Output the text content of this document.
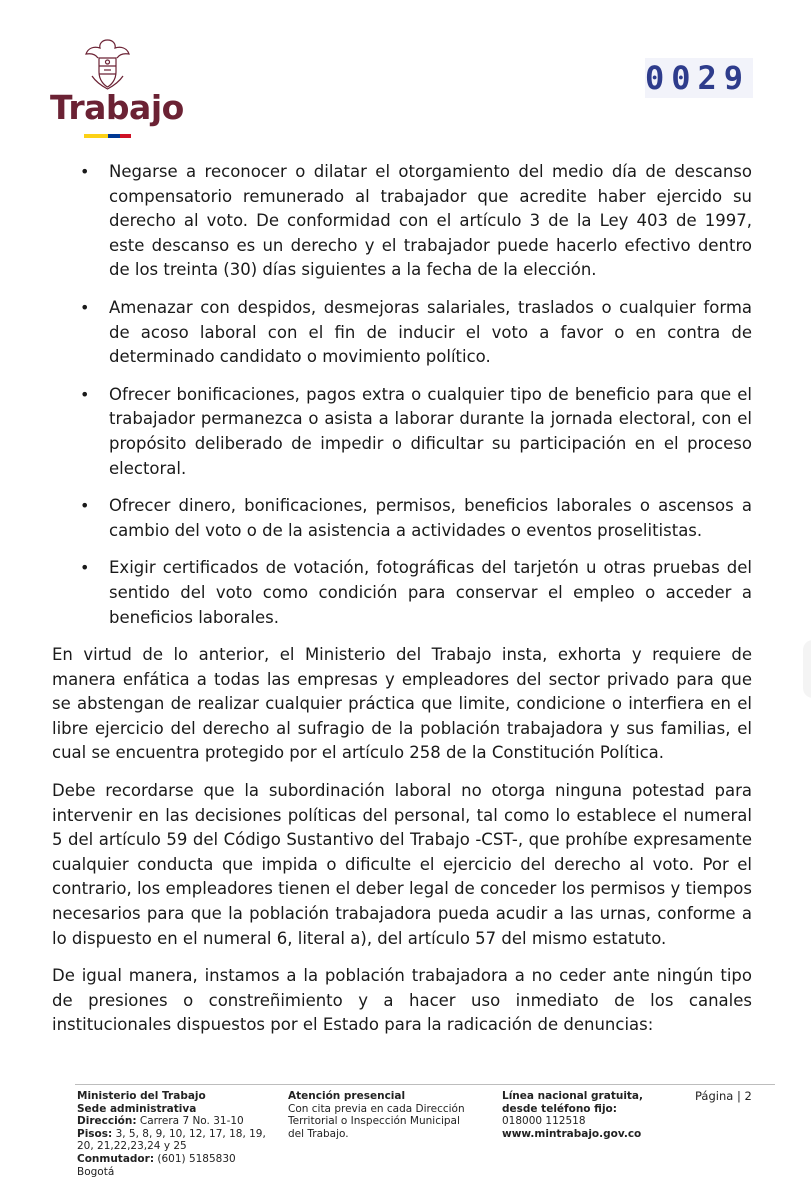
Trabajo
0029
• Negarse a reconocer o dilatar el otorgamiento del medio día de descanso compensatorio remunerado al trabajador que acredite haber ejercido su derecho al voto. De conformidad con el artículo 3 de la Ley 403 de 1997, este descanso es un derecho y el trabajador puede hacerlo efectivo dentro de los treinta (30) días siguientes a la fecha de la elección.
• Amenazar con despidos, desmejoras salariales, traslados o cualquier forma de acoso laboral con el fin de inducir el voto a favor o en contra de determinado candidato o movimiento político.
• Ofrecer bonificaciones, pagos extra o cualquier tipo de beneficio para que el trabajador permanezca o asista a laborar durante la jornada electoral, con el propósito deliberado de impedir o dificultar su participación en el proceso electoral.
• Ofrecer dinero, bonificaciones, permisos, beneficios laborales o ascensos a cambio del voto o de la asistencia a actividades o eventos proselitistas.
• Exigir certificados de votación, fotográficas del tarjetón u otras pruebas del sentido del voto como condición para conservar el empleo o acceder a beneficios laborales.

En virtud de lo anterior, el Ministerio del Trabajo insta, exhorta y requiere de manera enfática a todas las empresas y empleadores del sector privado para que se abstengan de realizar cualquier práctica que limite, condicione o interfiera en el libre ejercicio del derecho al sufragio de la población trabajadora y sus familias, el cual se encuentra protegido por el artículo 258 de la Constitución Política.

Debe recordarse que la subordinación laboral no otorga ninguna potestad para intervenir en las decisiones políticas del personal, tal como lo establece el numeral 5 del artículo 59 del Código Sustantivo del Trabajo -CST-, que prohíbe expresamente cualquier conducta que impida o dificulte el ejercicio del derecho al voto. Por el contrario, los empleadores tienen el deber legal de conceder los permisos y tiempos necesarios para que la población trabajadora pueda acudir a las urnas, conforme a lo dispuesto en el numeral 6, literal a), del artículo 57 del mismo estatuto.

De igual manera, instamos a la población trabajadora a no ceder ante ningún tipo de presiones o constreñimiento y a hacer uso inmediato de los canales institucionales dispuestos por el Estado para la radicación de denuncias:

Ministerio del Trabajo
Sede administrativa
Dirección: Carrera 7 No. 31-10
Pisos: 3, 5, 8, 9, 10, 12, 17, 18, 19,
20, 21,22,23,24 y 25
Conmutador: (601) 5185830
Bogotá
Atención presencial
Con cita previa en cada Dirección Territorial o Inspección Municipal del Trabajo.
Línea nacional gratuita,
desde teléfono fijo:
018000 112518
www.mintrabajo.gov.co
Página | 2
